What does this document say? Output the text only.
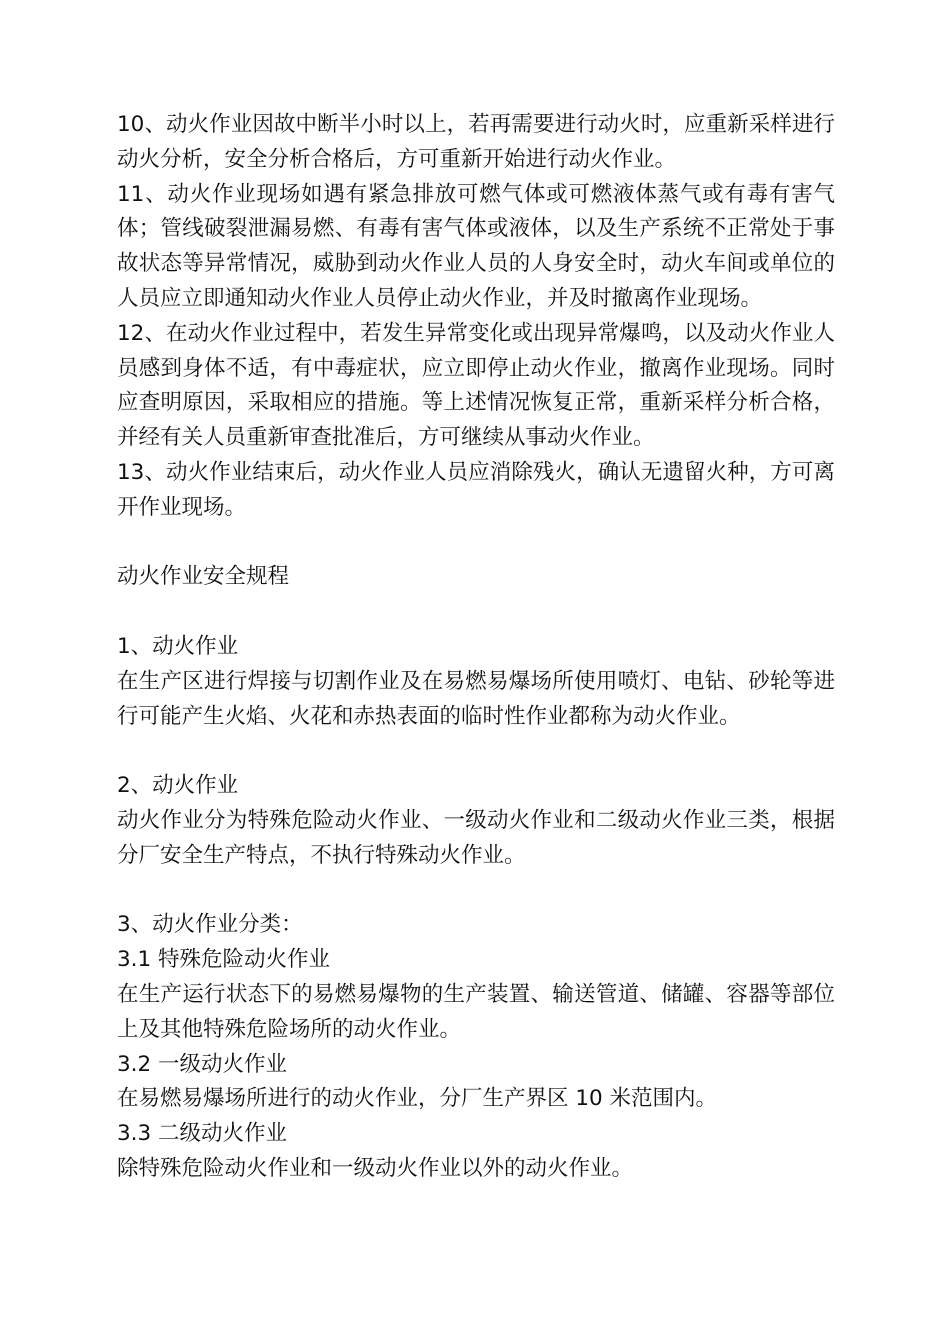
10、动火作业因故中断半小时以上，若再需要进行动火时，应重新采样进行动火分析，安全分析合格后，方可重新开始进行动火作业。

11、动火作业现场如遇有紧急排放可燃气体或可燃液体蒸气或有毒有害气体；管线破裂泄漏易燃、有毒有害气体或液体，以及生产系统不正常处于事故状态等异常情况，威胁到动火作业人员的人身安全时，动火车间或单位的人员应立即通知动火作业人员停止动火作业，并及时撤离作业现场。

12、在动火作业过程中，若发生异常变化或出现异常爆鸣，以及动火作业人员感到身体不适，有中毒症状，应立即停止动火作业，撤离作业现场。同时应查明原因，采取相应的措施。等上述情况恢复正常，重新采样分析合格，并经有关人员重新审查批准后，方可继续从事动火作业。

13、动火作业结束后，动火作业人员应消除残火，确认无遗留火种，方可离开作业现场。

动火作业安全规程

1、动火作业

在生产区进行焊接与切割作业及在易燃易爆场所使用喷灯、电钻、砂轮等进行可能产生火焰、火花和赤热表面的临时性作业都称为动火作业。

2、动火作业

动火作业分为特殊危险动火作业、一级动火作业和二级动火作业三类，根据分厂安全生产特点，不执行特殊动火作业。

3、动火作业分类：

3.1 特殊危险动火作业

在生产运行状态下的易燃易爆物的生产装置、输送管道、储罐、容器等部位上及其他特殊危险场所的动火作业。

3.2 一级动火作业

在易燃易爆场所进行的动火作业，分厂生产界区 10 米范围内。

3.3 二级动火作业

除特殊危险动火作业和一级动火作业以外的动火作业。
